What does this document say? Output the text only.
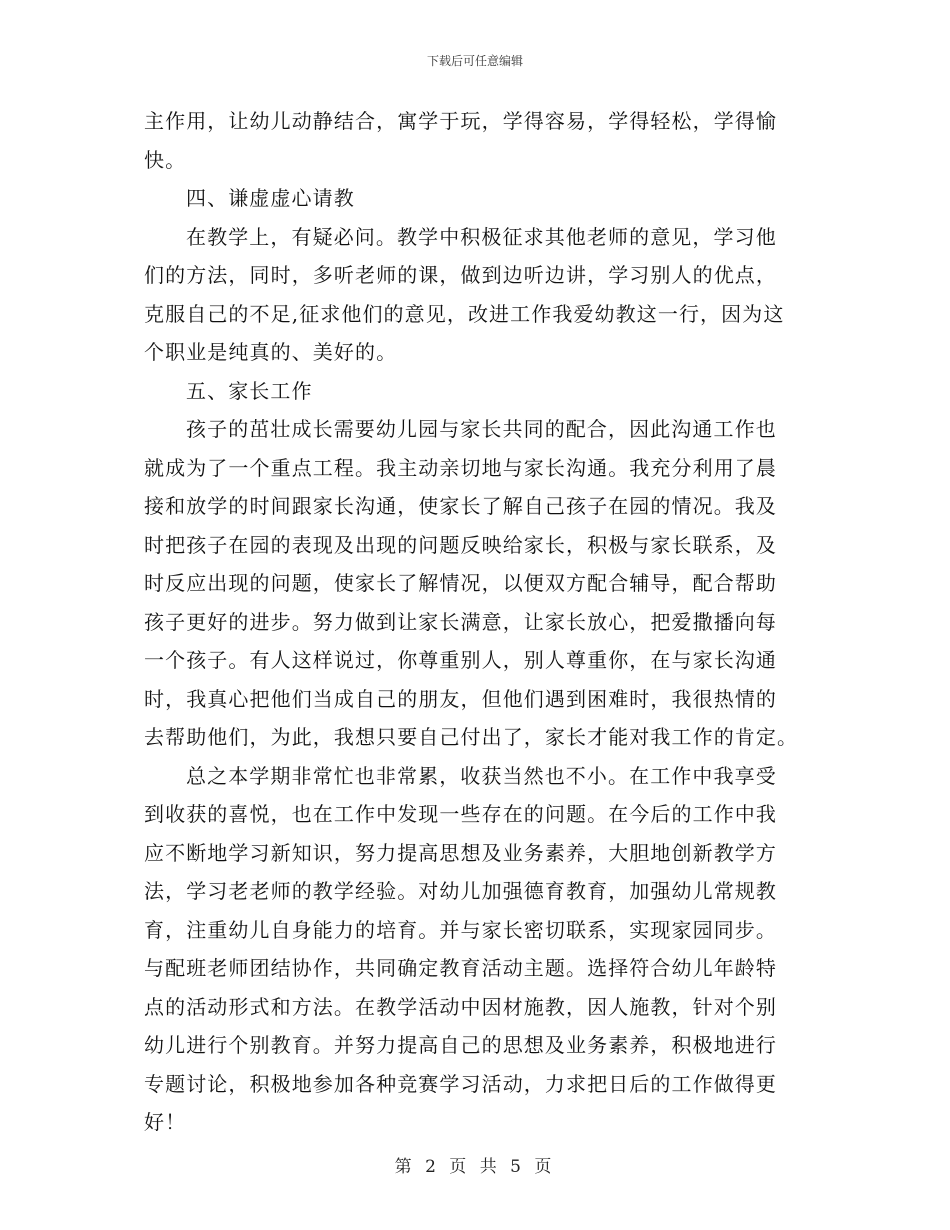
下载后可任意编辑
主作用，让幼儿动静结合，寓学于玩，学得容易，学得轻松，学得愉
快。
四、谦虚虚心请教
在教学上，有疑必问。教学中积极征求其他老师的意见，学习他
们的方法，同时，多听老师的课，做到边听边讲，学习别人的优点，
克服自己的不足,征求他们的意见，改进工作我爱幼教这一行，因为这
个职业是纯真的、美好的。
五、家长工作
孩子的茁壮成长需要幼儿园与家长共同的配合，因此沟通工作也
就成为了一个重点工程。我主动亲切地与家长沟通。我充分利用了晨
接和放学的时间跟家长沟通，使家长了解自己孩子在园的情况。我及
时把孩子在园的表现及出现的问题反映给家长，积极与家长联系，及
时反应出现的问题，使家长了解情况，以便双方配合辅导，配合帮助
孩子更好的进步。努力做到让家长满意，让家长放心，把爱撒播向每
一个孩子。有人这样说过，你尊重别人，别人尊重你，在与家长沟通
时，我真心把他们当成自己的朋友，但他们遇到困难时，我很热情的
去帮助他们，为此，我想只要自己付出了，家长才能对我工作的肯定。
总之本学期非常忙也非常累，收获当然也不小。在工作中我享受
到收获的喜悦，也在工作中发现一些存在的问题。在今后的工作中我
应不断地学习新知识，努力提高思想及业务素养，大胆地创新教学方
法，学习老老师的教学经验。对幼儿加强德育教育，加强幼儿常规教
育，注重幼儿自身能力的培育。并与家长密切联系，实现家园同步。
与配班老师团结协作，共同确定教育活动主题。选择符合幼儿年龄特
点的活动形式和方法。在教学活动中因材施教，因人施教，针对个别
幼儿进行个别教育。并努力提高自己的思想及业务素养，积极地进行
专题讨论，积极地参加各种竞赛学习活动，力求把日后的工作做得更
好！
第 2 页 共 5 页
